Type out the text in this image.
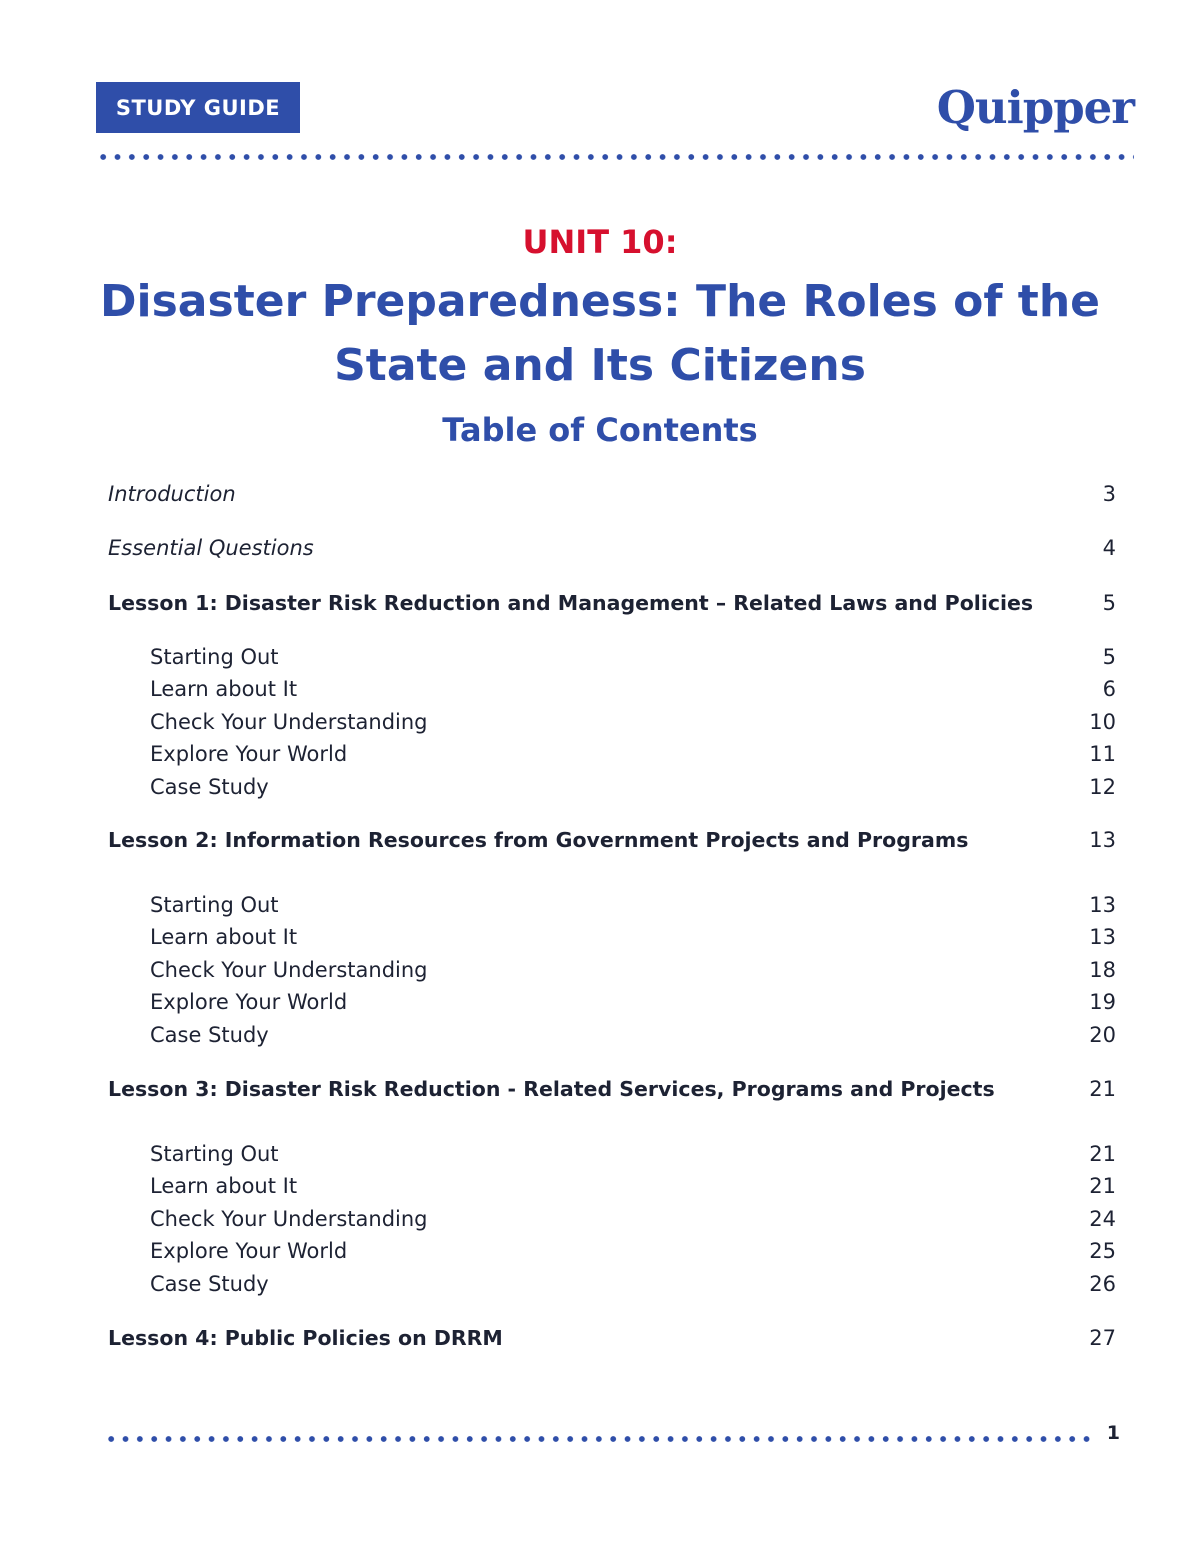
STUDY GUIDE	Quipper
UNIT 10:
Disaster Preparedness: The Roles of the
State and Its Citizens
Table of Contents
Introduction	3
Essential Questions	4
Lesson 1: Disaster Risk Reduction and Management – Related Laws and Policies	5
Starting Out	5
Learn about It	6
Check Your Understanding	10
Explore Your World	11
Case Study	12
Lesson 2: Information Resources from Government Projects and Programs	13
Starting Out	13
Learn about It	13
Check Your Understanding	18
Explore Your World	19
Case Study	20
Lesson 3: Disaster Risk Reduction - Related Services, Programs and Projects	21
Starting Out	21
Learn about It	21
Check Your Understanding	24
Explore Your World	25
Case Study	26
Lesson 4: Public Policies on DRRM	27
1
